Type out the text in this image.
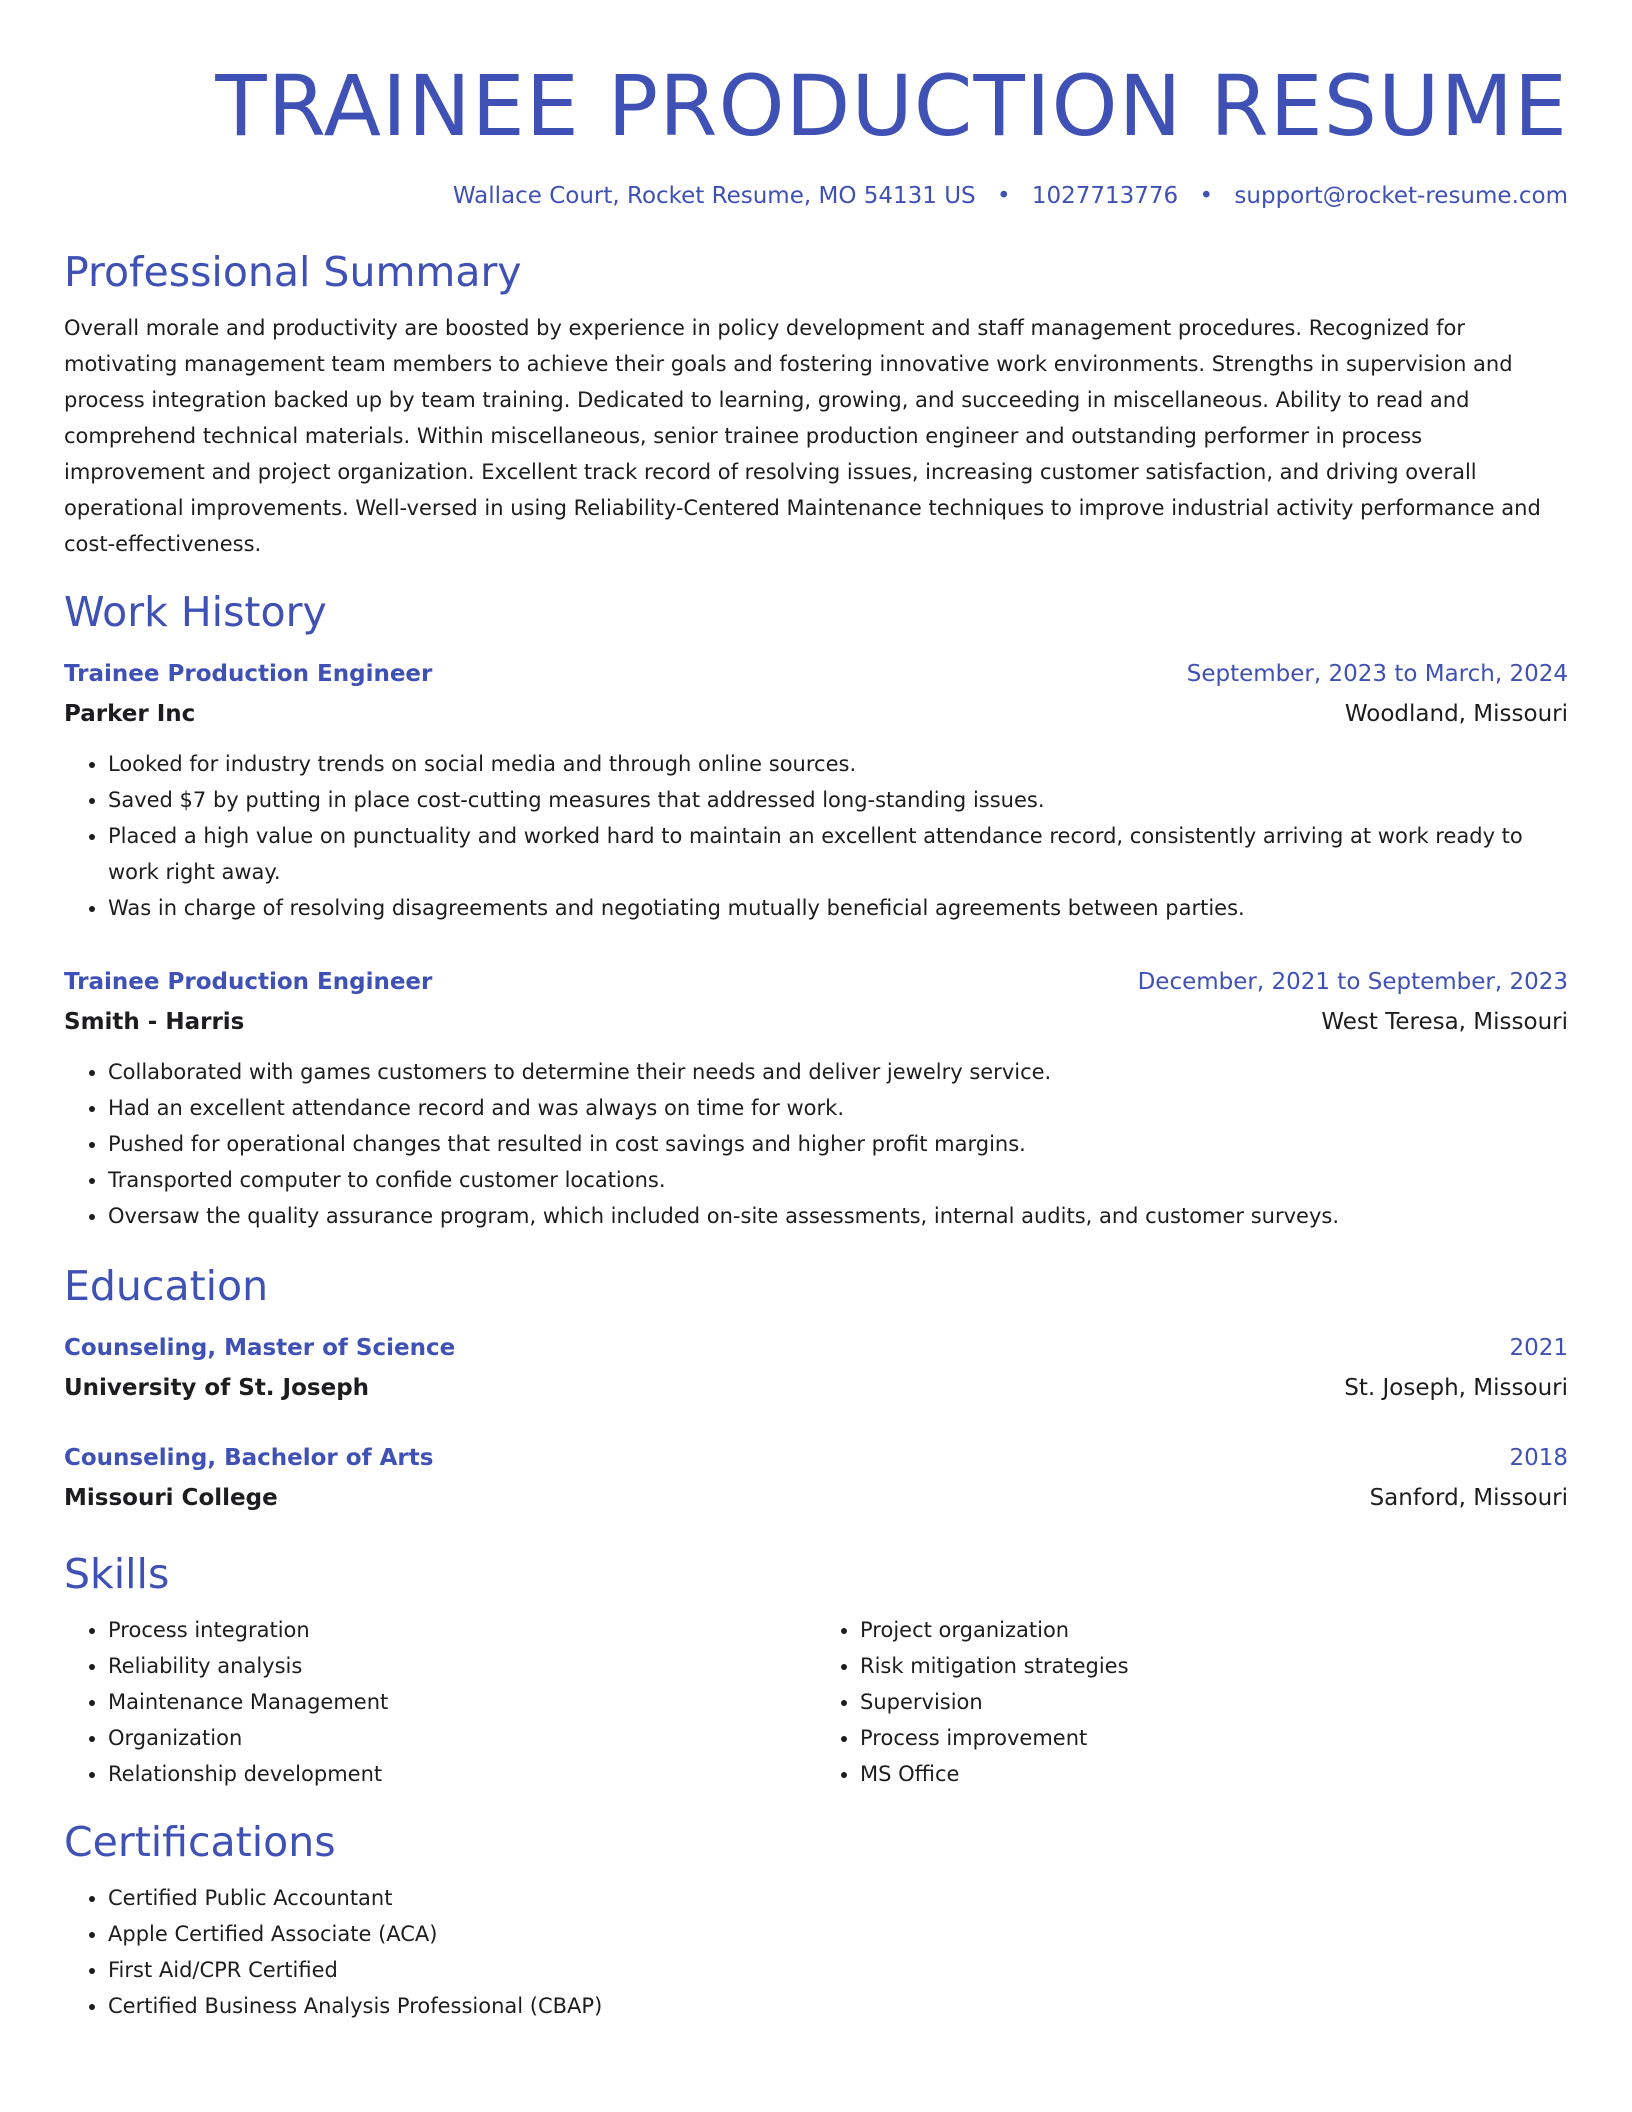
TRAINEE PRODUCTION RESUME
Wallace Court, Rocket Resume, MO 54131 US • 1027713776 • support@rocket-resume.com
Professional Summary
Overall morale and productivity are boosted by experience in policy development and staff management procedures. Recognized for motivating management team members to achieve their goals and fostering innovative work environments. Strengths in supervision and process integration backed up by team training. Dedicated to learning, growing, and succeeding in miscellaneous. Ability to read and comprehend technical materials. Within miscellaneous, senior trainee production engineer and outstanding performer in process improvement and project organization. Excellent track record of resolving issues, increasing customer satisfaction, and driving overall operational improvements. Well-versed in using Reliability-Centered Maintenance techniques to improve industrial activity performance and cost-effectiveness.
Work History
Trainee Production Engineer	September, 2023 to March, 2024
Parker Inc	Woodland, Missouri
• Looked for industry trends on social media and through online sources.
• Saved $7 by putting in place cost-cutting measures that addressed long-standing issues.
• Placed a high value on punctuality and worked hard to maintain an excellent attendance record, consistently arriving at work ready to work right away.
• Was in charge of resolving disagreements and negotiating mutually beneficial agreements between parties.
Trainee Production Engineer	December, 2021 to September, 2023
Smith - Harris	West Teresa, Missouri
• Collaborated with games customers to determine their needs and deliver jewelry service.
• Had an excellent attendance record and was always on time for work.
• Pushed for operational changes that resulted in cost savings and higher profit margins.
• Transported computer to confide customer locations.
• Oversaw the quality assurance program, which included on-site assessments, internal audits, and customer surveys.
Education
Counseling, Master of Science	2021
University of St. Joseph	St. Joseph, Missouri
Counseling, Bachelor of Arts	2018
Missouri College	Sanford, Missouri
Skills
• Process integration
• Reliability analysis
• Maintenance Management
• Organization
• Relationship development
• Project organization
• Risk mitigation strategies
• Supervision
• Process improvement
• MS Office
Certifications
• Certified Public Accountant
• Apple Certified Associate (ACA)
• First Aid/CPR Certified
• Certified Business Analysis Professional (CBAP)
